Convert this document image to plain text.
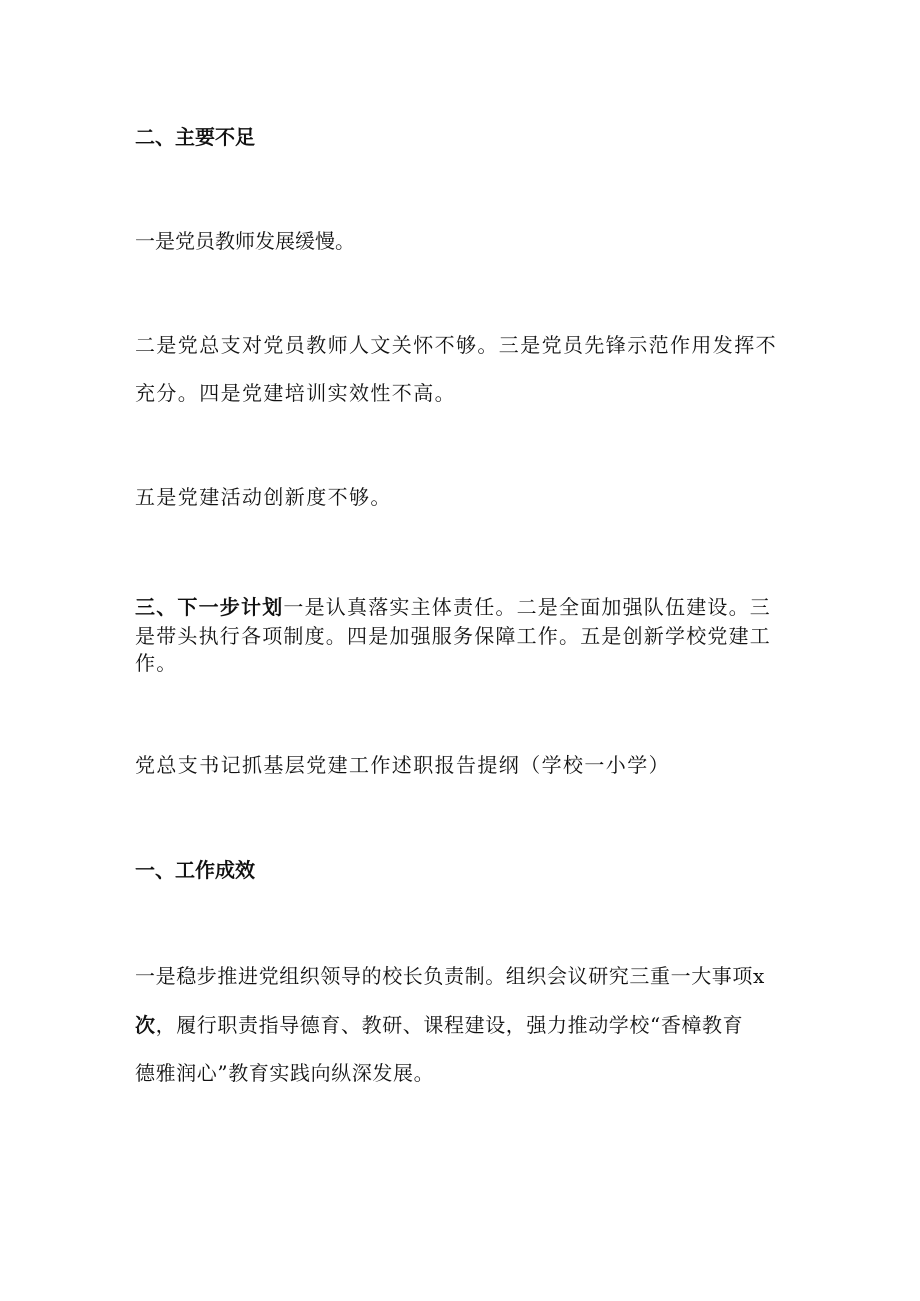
二、主要不足
一是党员教师发展缓慢。
二是党总支对党员教师人文关怀不够。三是党员先锋示范作用发挥不
充分。四是党建培训实效性不高。
五是党建活动创新度不够。
三、下一步计划一是认真落实主体责任。二是全面加强队伍建设。三
是带头执行各项制度。四是加强服务保障工作。五是创新学校党建工
作。
党总支书记抓基层党建工作述职报告提纲（学校一小学）
一、工作成效
一是稳步推进党组织领导的校长负责制。组织会议研究三重一大事项x
次，履行职责指导德育、教研、课程建设，强力推动学校“香樟教育
德雅润心”教育实践向纵深发展。
